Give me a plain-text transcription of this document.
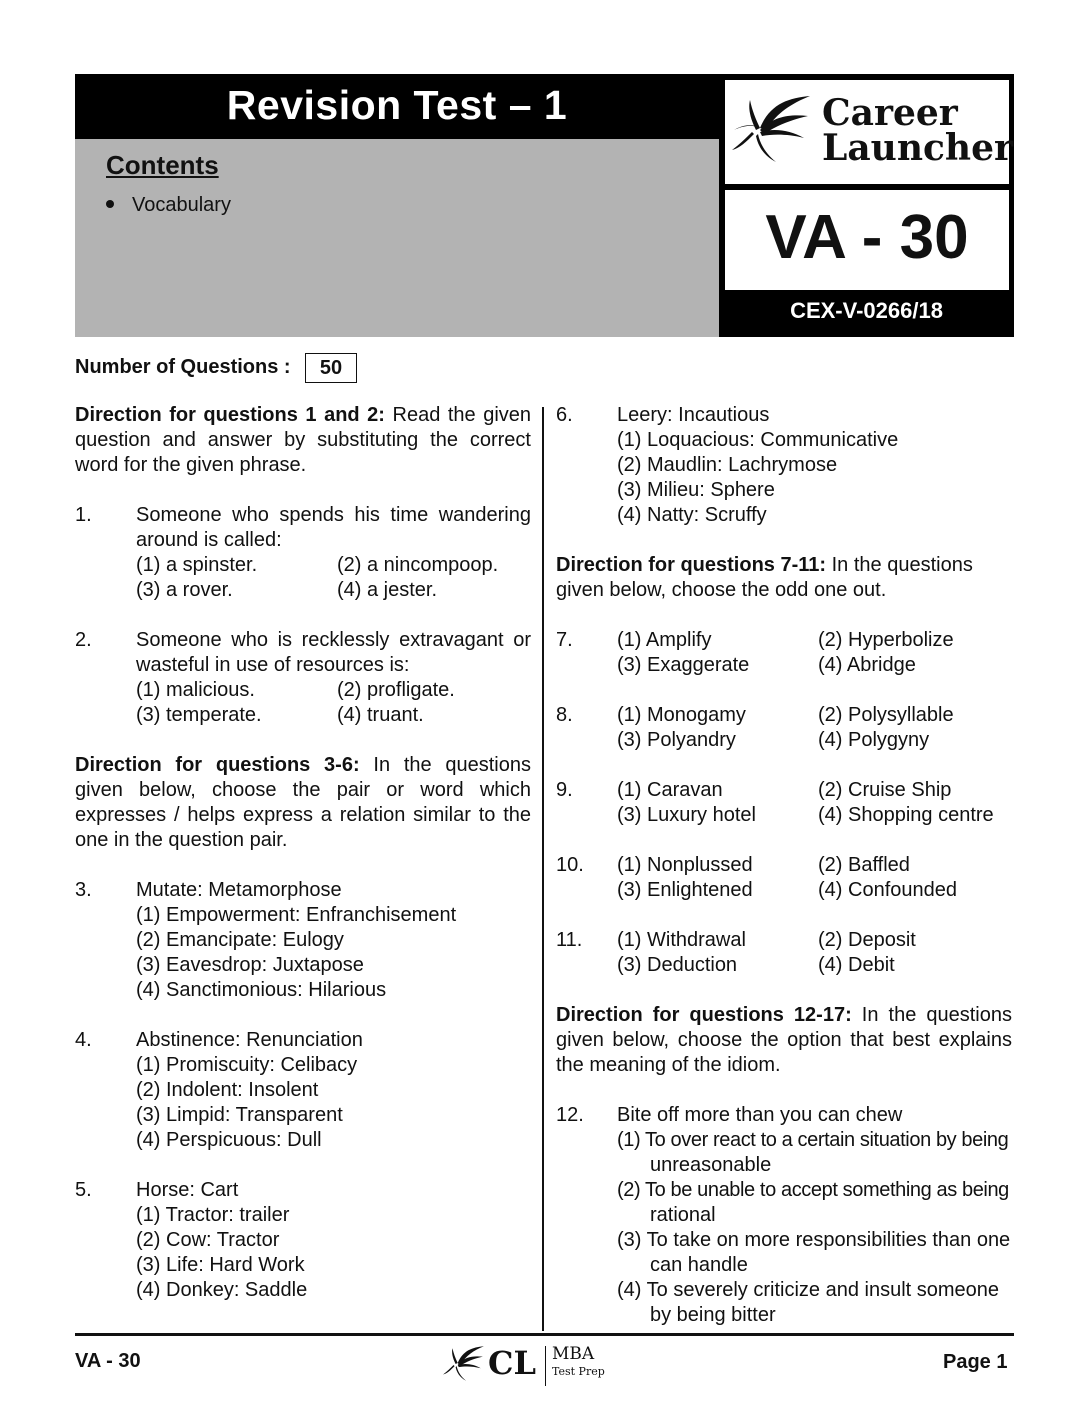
Revision Test – 1
Contents
Vocabulary
Career
Launcher
VA - 30
CEX-V-0266/18
Number of Questions :	50
Direction for questions 1 and 2: Read the given question and answer by substituting the correct word for the given phrase.
1. Someone who spends his time wandering around is called:
(1) a spinster.	(2) a nincompoop.
(3) a rover.	(4) a jester.
2. Someone who is recklessly extravagant or wasteful in use of resources is:
(1) malicious.	(2) profligate.
(3) temperate.	(4) truant.
Direction for questions 3-6: In the questions given below, choose the pair or word which expresses / helps express a relation similar to the one in the question pair.
3. Mutate: Metamorphose
(1) Empowerment: Enfranchisement
(2) Emancipate: Eulogy
(3) Eavesdrop: Juxtapose
(4) Sanctimonious: Hilarious
4. Abstinence: Renunciation
(1) Promiscuity: Celibacy
(2) Indolent: Insolent
(3) Limpid: Transparent
(4) Perspicuous: Dull
5. Horse: Cart
(1) Tractor: trailer
(2) Cow: Tractor
(3) Life: Hard Work
(4) Donkey: Saddle
6. Leery: Incautious
(1) Loquacious: Communicative
(2) Maudlin: Lachrymose
(3) Milieu: Sphere
(4) Natty: Scruffy
Direction for questions 7-11: In the questions given below, choose the odd one out.
7. (1) Amplify	(2) Hyperbolize
(3) Exaggerate	(4) Abridge
8. (1) Monogamy	(2) Polysyllable
(3) Polyandry	(4) Polygyny
9. (1) Caravan	(2) Cruise Ship
(3) Luxury hotel	(4) Shopping centre
10. (1) Nonplussed	(2) Baffled
(3) Enlightened	(4) Confounded
11. (1) Withdrawal	(2) Deposit
(3) Deduction	(4) Debit
Direction for questions 12-17: In the questions given below, choose the option that best explains the meaning of the idiom.
12. Bite off more than you can chew
(1) To over react to a certain situation by being
unreasonable
(2) To be unable to accept something as being
rational
(3) To take on more responsibilities than one
can handle
(4) To severely criticize and insult someone
by being bitter
VA - 30	CL MBA
Test Prep	Page 1
